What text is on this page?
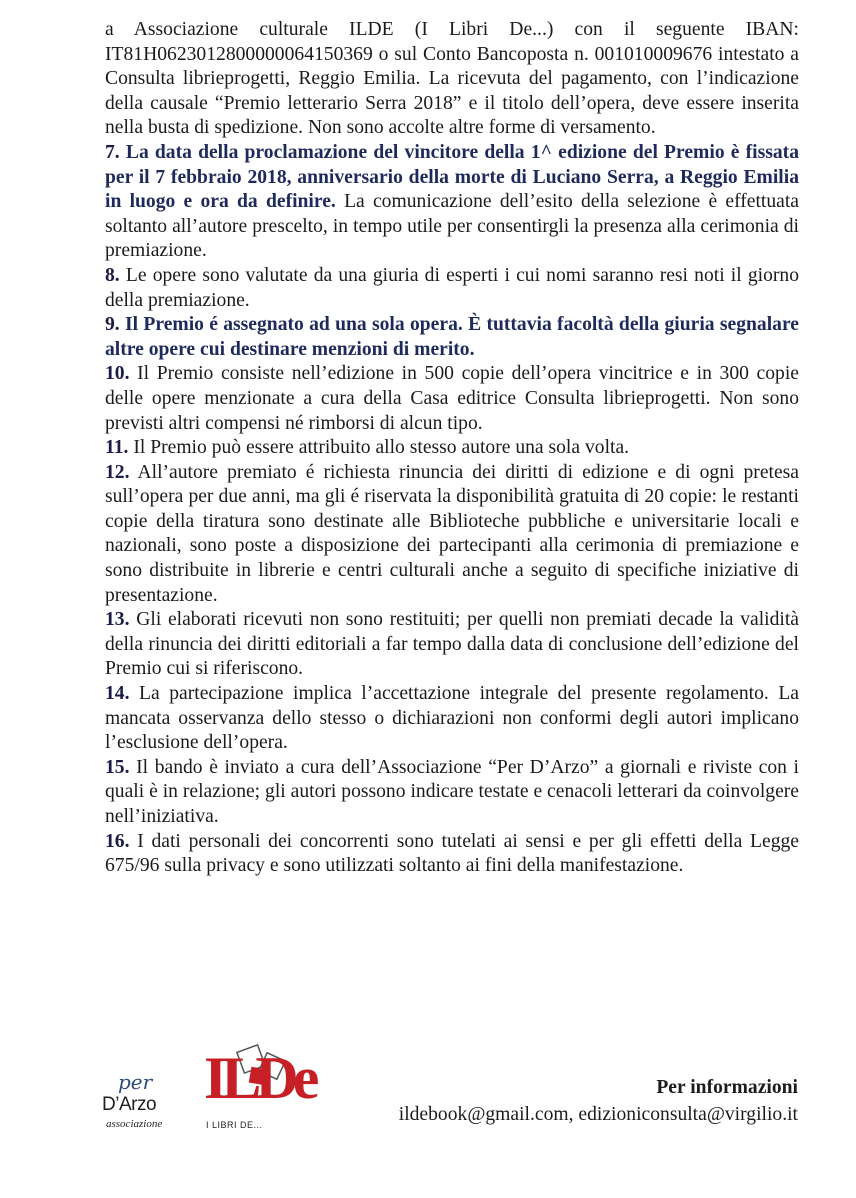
a Associazione culturale ILDE (I Libri De...) con il seguente IBAN: IT81H0623012800000064150369 o sul Conto Bancoposta n. 001010009676 intestato a Consulta librieprogetti, Reggio Emilia. La ricevuta del pagamento, con l’indicazione della causale “Premio letterario Serra 2018” e il titolo dell’opera, deve essere inserita nella busta di spedizione. Non sono accolte altre forme di versamento.

7. La data della proclamazione del vincitore della 1^ edizione del Premio è fissata per il 7 febbraio 2018, anniversario della morte di Luciano Serra, a Reggio Emilia in luogo e ora da definire. La comunicazione dell’esito della selezione è effettuata soltanto all’autore prescelto, in tempo utile per consentirgli la presenza alla cerimonia di premiazione.

8. Le opere sono valutate da una giuria di esperti i cui nomi saranno resi noti il giorno della premiazione.

9. Il Premio é assegnato ad una sola opera. È tuttavia facoltà della giuria segnalare altre opere cui destinare menzioni di merito.

10. Il Premio consiste nell’edizione in 500 copie dell’opera vincitrice e in 300 copie delle opere menzionate a cura della Casa editrice Consulta librieprogetti. Non sono previsti altri compensi né rimborsi di alcun tipo.

11. Il Premio può essere attribuito allo stesso autore una sola volta.

12. All’autore premiato é richiesta rinuncia dei diritti di edizione e di ogni pretesa sull’opera per due anni, ma gli é riservata la disponibilità gratuita di 20 copie: le restanti copie della tiratura sono destinate alle Biblioteche pubbliche e universitarie locali e nazionali, sono poste a disposizione dei partecipanti alla cerimonia di premiazione e sono distribuite in librerie e centri culturali anche a seguito di specifiche iniziative di presentazione.

13. Gli elaborati ricevuti non sono restituiti; per quelli non premiati decade la validità della rinuncia dei diritti editoriali a far tempo dalla data di conclusione dell’edizione del Premio cui si riferiscono.

14. La partecipazione implica l’accettazione integrale del presente regolamento. La mancata osservanza dello stesso o dichiarazioni non conformi degli autori implicano l’esclusione dell’opera.

15. Il bando è inviato a cura dell’Associazione “Per D’Arzo” a giornali e riviste con i quali è in relazione; gli autori possono indicare testate e cenacoli letterari da coinvolgere nell’iniziativa.

16. I dati personali dei concorrenti sono tutelati ai sensi e per gli effetti della Legge 675/96 sulla privacy e sono utilizzati soltanto ai fini della manifestazione.

per
D’Arzo
associazione
ILDe
I LIBRI DE...
Per informazioni
ildebook@gmail.com, edizioniconsulta@virgilio.it
